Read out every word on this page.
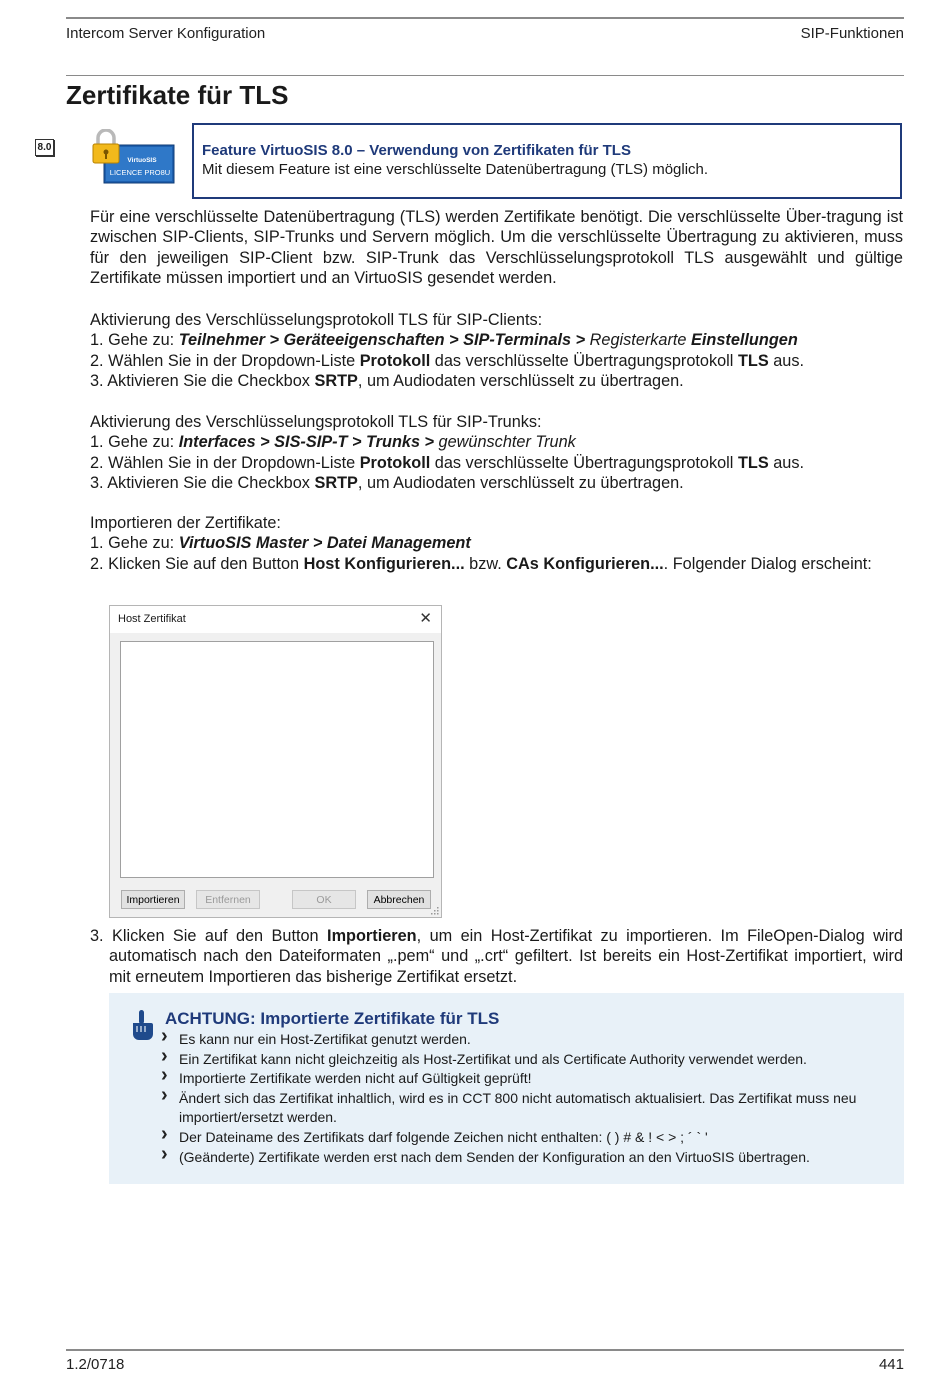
Intercom Server Konfiguration	SIP-Funktionen
Zertifikate für TLS
8.0
VirtuoSIS
LICENCE PRO8U
Feature VirtuoSIS 8.0 – Verwendung von Zertifikaten für TLS
Mit diesem Feature ist eine verschlüsselte Datenübertragung (TLS) möglich.

Für eine verschlüsselte Datenübertragung (TLS) werden Zertifikate benötigt. Die verschlüsselte Über-tragung ist zwischen SIP-Clients, SIP-Trunks und Servern möglich. Um die verschlüsselte Übertragung zu aktivieren, muss für den jeweiligen SIP-Client bzw. SIP-Trunk das Verschlüsselungsprotokoll TLS ausgewählt und gültige Zertifikate müssen importiert und an VirtuoSIS gesendet werden.

Aktivierung des Verschlüsselungsprotokoll TLS für SIP-Clients:

1. Gehe zu: Teilnehmer > Geräteeigenschaften > SIP-Terminals > Registerkarte Einstellungen

2. Wählen Sie in der Dropdown-Liste Protokoll das verschlüsselte Übertragungsprotokoll TLS aus.

3. Aktivieren Sie die Checkbox SRTP, um Audiodaten verschlüsselt zu übertragen.

Aktivierung des Verschlüsselungsprotokoll TLS für SIP-Trunks:

1. Gehe zu: Interfaces > SIS-SIP-T > Trunks > gewünschter Trunk

2. Wählen Sie in der Dropdown-Liste Protokoll das verschlüsselte Übertragungsprotokoll TLS aus.

3. Aktivieren Sie die Checkbox SRTP, um Audiodaten verschlüsselt zu übertragen.

Importieren der Zertifikate:

1. Gehe zu: VirtuoSIS Master > Datei Management

2. Klicken Sie auf den Button Host Konfigurieren... bzw. CAs Konfigurieren.... Folgender Dialog erscheint:

Host Zertifikat	✕
Importieren	Entfernen	OK	Abbrechen

3. Klicken Sie auf den Button Importieren, um ein Host-Zertifikat zu importieren. Im FileOpen-Dialog wird automatisch nach den Dateiformaten „.pem“ und „.crt“ gefiltert. Ist bereits ein Host-Zertifikat importiert, wird mit erneutem Importieren das bisherige Zertifikat ersetzt.

ACHTUNG: Importierte Zertifikate für TLS
› Es kann nur ein Host-Zertifikat genutzt werden.
› Ein Zertifikat kann nicht gleichzeitig als Host-Zertifikat und als Certificate Authority verwendet werden.
› Importierte Zertifikate werden nicht auf Gültigkeit geprüft!
› Ändert sich das Zertifikat inhaltlich, wird es in CCT 800 nicht automatisch aktualisiert. Das Zertifikat muss neu importiert/ersetzt werden.
› Der Dateiname des Zertifikats darf folgende Zeichen nicht enthalten: ( ) # & ! < > ; ´ ` '
› (Geänderte) Zertifikate werden erst nach dem Senden der Konfiguration an den VirtuoSIS übertragen.
1.2/0718	441
